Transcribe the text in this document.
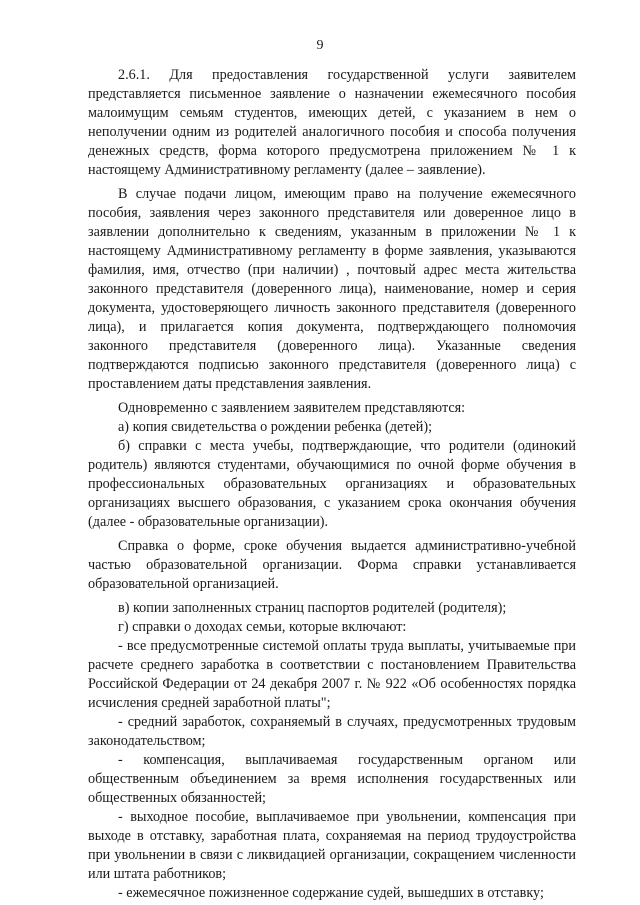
9

2.6.1. Для предоставления государственной услуги заявителем представляется письменное заявление о назначении ежемесячного пособия малоимущим семьям студентов, имеющих детей, с указанием в нем о неполучении одним из родителей аналогичного пособия и способа получения денежных средств, форма которого предусмотрена приложением № 1 к настоящему Административному регламенту (далее – заявление).

В случае подачи лицом, имеющим право на получение ежемесячного пособия, заявления через законного представителя или доверенное лицо в заявлении дополнительно к сведениям, указанным в приложении № 1 к настоящему Административному регламенту в форме заявления, указываются фамилия, имя, отчество (при наличии) , почтовый адрес места жительства законного представителя (доверенного лица), наименование, номер и серия документа, удостоверяющего личность законного представителя (доверенного лица), и прилагается копия документа, подтверждающего полномочия законного представителя (доверенного лица). Указанные сведения подтверждаются подписью законного представителя (доверенного лица) с проставлением даты представления заявления.

Одновременно с заявлением заявителем представляются:

а) копия свидетельства о рождении ребенка (детей);

б) справки с места учебы, подтверждающие, что родители (одинокий родитель) являются студентами, обучающимися по очной форме обучения в профессиональных образовательных организациях и образовательных организациях высшего образования, с указанием срока окончания обучения (далее - образовательные организации).

Справка о форме, сроке обучения выдается административно-учебной частью образовательной организации. Форма справки устанавливается образовательной организацией.

в) копии заполненных страниц паспортов родителей (родителя);

г) справки о доходах семьи, которые включают:

- все предусмотренные системой оплаты труда выплаты, учитываемые при расчете среднего заработка в соответствии с постановлением Правительства Российской Федерации от 24 декабря 2007 г. № 922 «Об особенностях порядка исчисления средней заработной платы";

- средний заработок, сохраняемый в случаях, предусмотренных трудовым законодательством;

- компенсация, выплачиваемая государственным органом или общественным объединением за время исполнения государственных или общественных обязанностей;

- выходное пособие, выплачиваемое при увольнении, компенсация при выходе в отставку, заработная плата, сохраняемая на период трудоустройства при увольнении в связи с ликвидацией организации, сокращением численности или штата работников;

- ежемесячное пожизненное содержание судей, вышедших в отставку;
